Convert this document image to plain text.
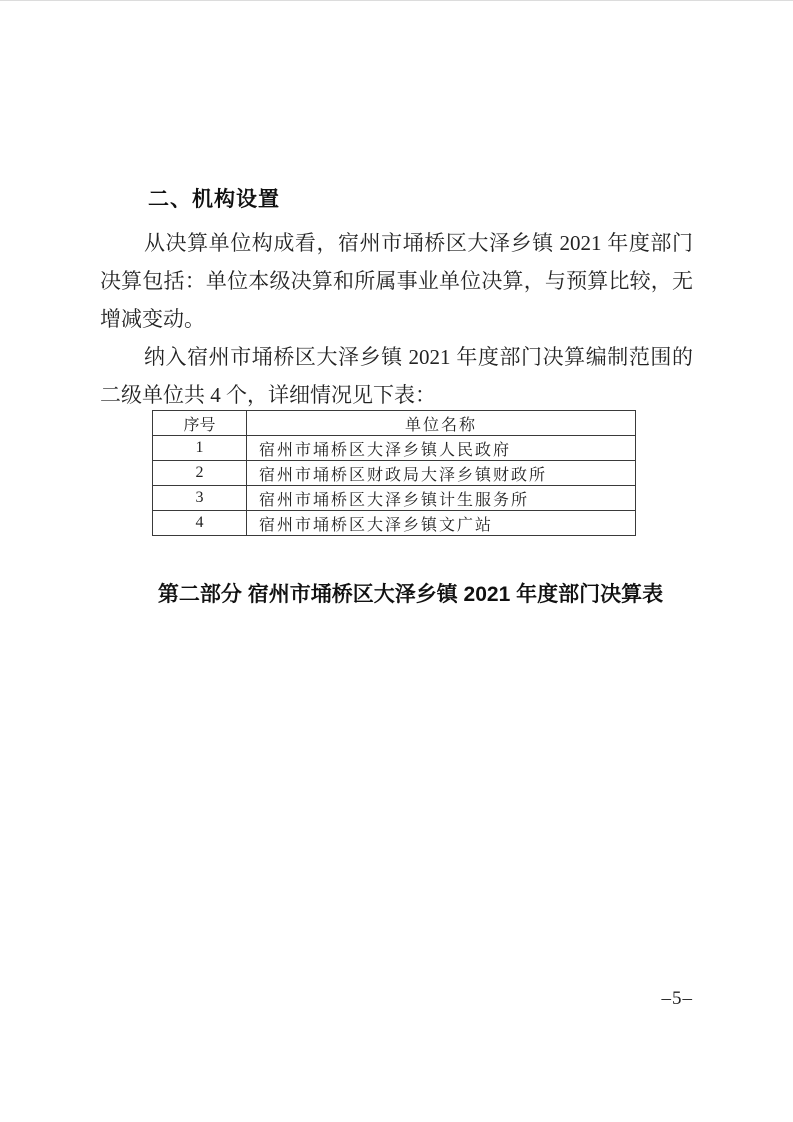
二、机构设置

从决算单位构成看，宿州市埇桥区大泽乡镇 2021 年度部门决算包括：单位本级决算和所属事业单位决算，与预算比较，无增减变动。

纳入宿州市埇桥区大泽乡镇 2021 年度部门决算编制范围的二级单位共 4 个，详细情况见下表：

序号	单位名称
1	宿州市埇桥区大泽乡镇人民政府
2	宿州市埇桥区财政局大泽乡镇财政所
3	宿州市埇桥区大泽乡镇计生服务所
4	宿州市埇桥区大泽乡镇文广站
第二部分 宿州市埇桥区大泽乡镇 2021 年度部门决算表
–5–
